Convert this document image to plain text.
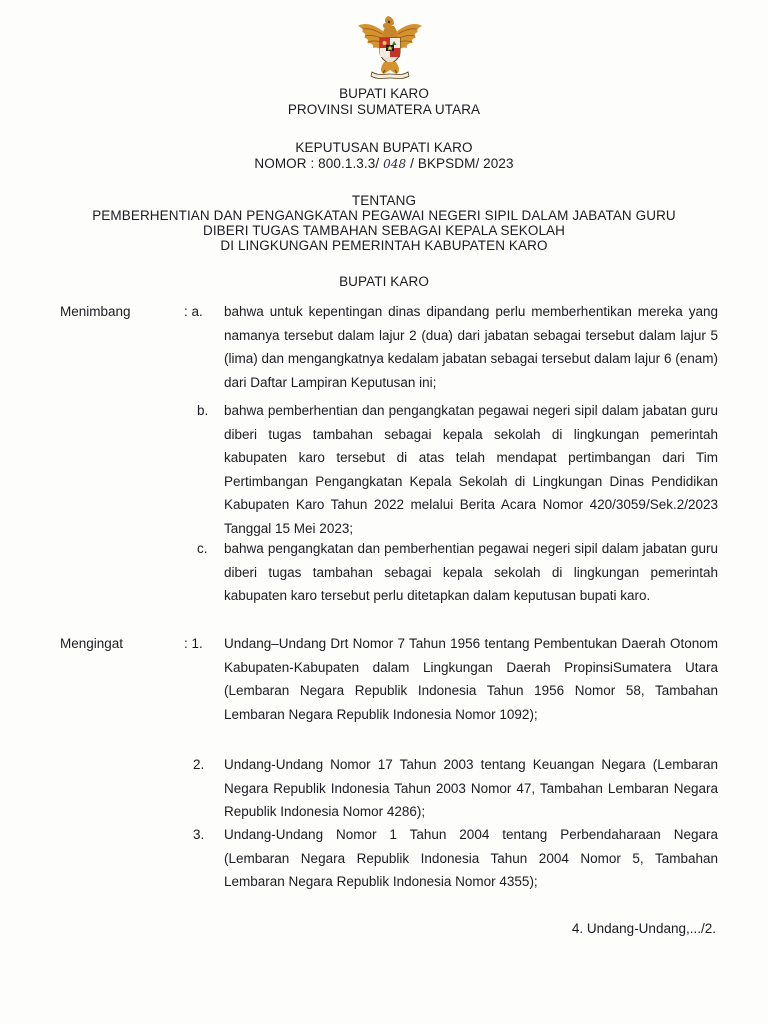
BUPATI KARO
PROVINSI SUMATERA UTARA
KEPUTUSAN BUPATI KARO
NOMOR : 800.1.3.3/ 048 / BKPSDM/ 2023
TENTANG
PEMBERHENTIAN DAN PENGANGKATAN PEGAWAI NEGERI SIPIL DALAM JABATAN GURU
DIBERI TUGAS TAMBAHAN SEBAGAI KEPALA SEKOLAH
DI LINGKUNGAN PEMERINTAH KABUPATEN KARO
BUPATI KARO
Menimbang	: a. bahwa untuk kepentingan dinas dipandang perlu memberhentikan mereka yang namanya tersebut dalam lajur 2 (dua) dari jabatan sebagai tersebut dalam lajur 5 (lima) dan mengangkatnya kedalam jabatan sebagai tersebut dalam lajur 6 (enam) dari Daftar Lampiran Keputusan ini;
b. bahwa pemberhentian dan pengangkatan pegawai negeri sipil dalam jabatan guru diberi tugas tambahan sebagai kepala sekolah di lingkungan pemerintah kabupaten karo tersebut di atas telah mendapat pertimbangan dari Tim Pertimbangan Pengangkatan Kepala Sekolah di Lingkungan Dinas Pendidikan Kabupaten Karo Tahun 2022 melalui Berita Acara Nomor 420/3059/Sek.2/2023 Tanggal 15 Mei 2023;
c. bahwa pengangkatan dan pemberhentian pegawai negeri sipil dalam jabatan guru diberi tugas tambahan sebagai kepala sekolah di lingkungan pemerintah kabupaten karo tersebut perlu ditetapkan dalam keputusan bupati karo.
Mengingat	: 1. Undang–Undang Drt Nomor 7 Tahun 1956 tentang Pembentukan Daerah Otonom Kabupaten-Kabupaten dalam Lingkungan Daerah PropinsiSumatera Utara (Lembaran Negara Republik Indonesia Tahun 1956 Nomor 58, Tambahan Lembaran Negara Republik Indonesia Nomor 1092);
2. Undang-Undang Nomor 17 Tahun 2003 tentang Keuangan Negara (Lembaran Negara Republik Indonesia Tahun 2003 Nomor 47, Tambahan Lembaran Negara Republik Indonesia Nomor 4286);
3. Undang-Undang Nomor 1 Tahun 2004 tentang Perbendaharaan Negara (Lembaran Negara Republik Indonesia Tahun 2004 Nomor 5, Tambahan Lembaran Negara Republik Indonesia Nomor 4355);
4. Undang-Undang,.../2.
